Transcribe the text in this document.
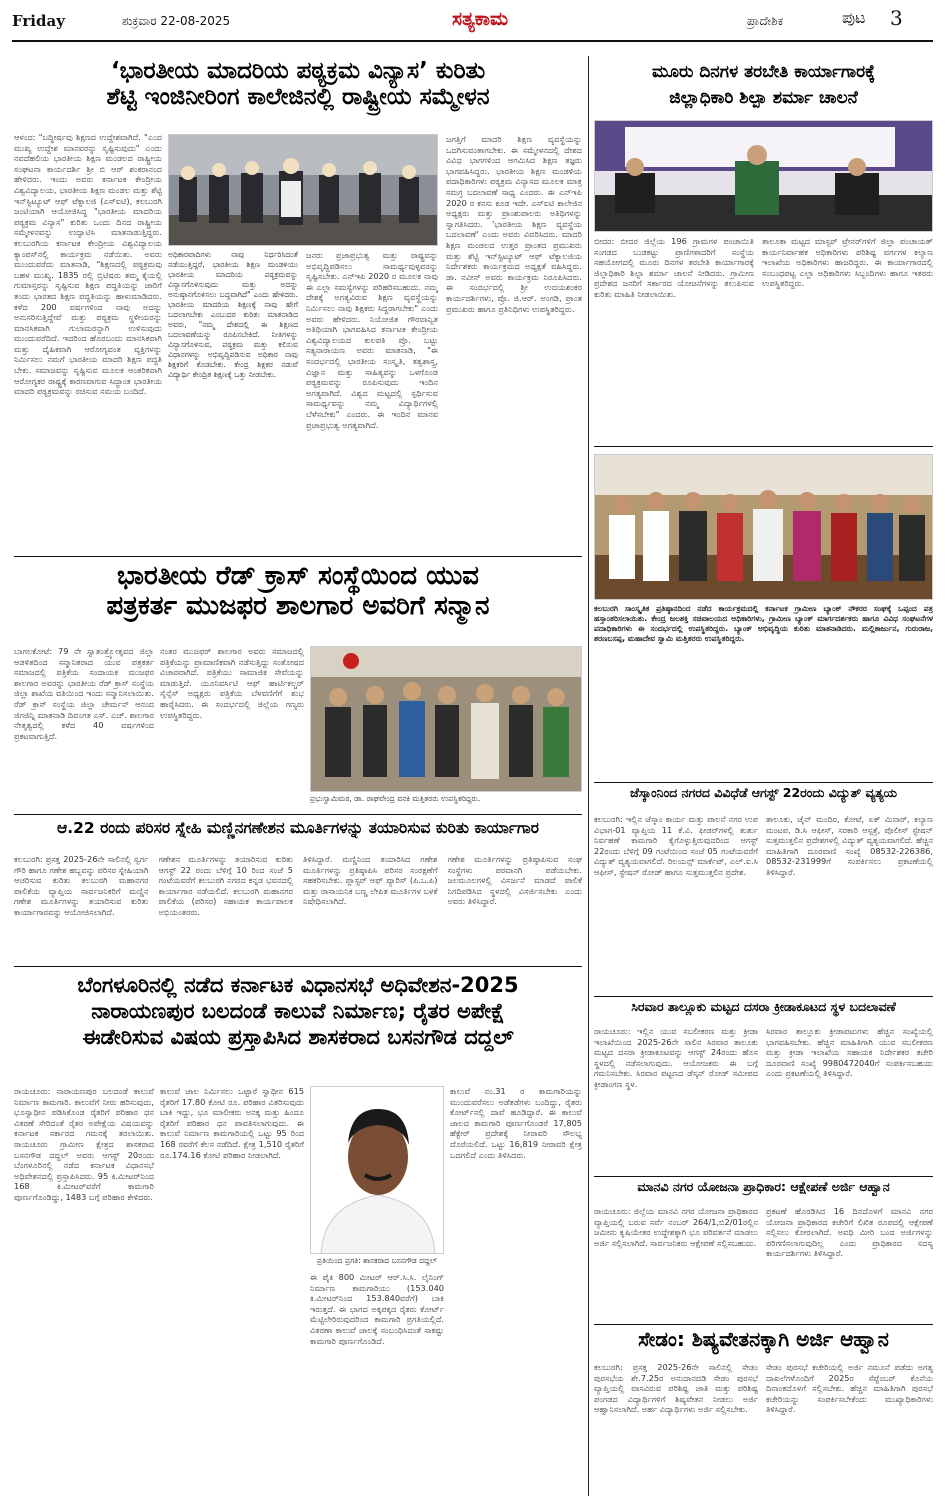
Friday	ಶುಕ್ರವಾರ 22-08-2025	ಸತ್ಯಕಾಮ	ಪ್ರಾದೇಶಿಕ	ಪುಟ 3
‘ಭಾರತೀಯ ಮಾದರಿಯ ಪಠ್ಯಕ್ರಮ ವಿನ್ಯಾಸ’ ಕುರಿತು
ಶೆಟ್ಟಿ ಇಂಜಿನೀರಿಂಗ ಕಾಲೇಜಿನಲ್ಲಿ ರಾಷ್ಟ್ರೀಯ ಸಮ್ಮೇಳನ
ಆಳಂದ: "ಬದ್ಧೀರ್ಷವು ಶಿಕ್ಷಣದ ಉದ್ದೇಶವಾಗಿದೆ. "ಎಂದ ಮುಖ್ಯ ಉದ್ದೇಶ ಮಾನವರನ್ನು ಸೃಷ್ಟಿಸುವುದು" ಎಂದು ನವದೆಹಲಿಯ ಭಾರತೀಯ ಶಿಕ್ಷಣ ಮಂಡಲದ ರಾಷ್ಟ್ರೀಯ ಸಂಘಟನಾ ಕಾರ್ಯದರ್ಶಿ ಶ್ರೀ ಬಿ ಆರ್ ಶಂಕರಾನಂದ ಹೇಳಿದರು. ಇಂದು ಅವರು ಕರ್ನಾಟಕ ಕೇಂದ್ರೀಯ ವಿಶ್ವವಿದ್ಯಾಲಯ, ಭಾರತೀಯ ಶಿಕ್ಷಣ ಮಂಡಲ ಮತ್ತು ಶೆಟ್ಟಿ ಇನ್‌ಸ್ಟಿಟ್ಯೂಟ್ ಆಫ್ ಟೆಕ್ನಾಲಜಿ (ಎಸ್‌ಐಟಿ), ಕಲಬುರಗಿ ಜಂಟಿಯಾಗಿ ಆಯೋಜಿಸಿದ್ದ "ಭಾರತೀಯ ಮಾದರಿಯ ಪಠ್ಯಕ್ರಮ ವಿನ್ಯಾಸ" ಕುರಿತು ಒಂದು ದಿನದ ರಾಷ್ಟ್ರೀಯ ಸಮ್ಮೇಳನವನ್ನು ಉದ್ಘಾಟಿಸಿ ಮಾತನಾಡುತ್ತಿದ್ದರು. ಕಲಬುರಗಿಯ ಕರ್ನಾಟಕ ಕೇಂದ್ರೀಯ ವಿಶ್ವವಿದ್ಯಾಲಯ ಕ್ಯಾಂಪಸ್‌ನಲ್ಲಿ ಕಾರ್ಯಕ್ರಮ ನಡೆಯಿತು. ಅವರು ಮುಂದುವರೆದು ಮಾತನಾಡಿ, "ಶಿಕ್ಷಣದಲ್ಲಿ ಪಠ್ಯಕ್ರಮವು ಬಹಳ ಮುಖ್ಯ. 1835 ರಲ್ಲಿ ಬ್ರಿಟಿಷರು ತಮ್ಮ ಕೈಯಲ್ಲಿ ಗುಮಾಸ್ತರನ್ನು ಸೃಷ್ಟಿಸುವ ಶಿಕ್ಷಣ ಪದ್ಧತಿಯನ್ನು ಜಾರಿಗೆ ತಂದು ಭಾರತದ ಶಿಕ್ಷಣ ಪದ್ಧತಿಯನ್ನು ಹಾಳುಮಾಡಿದರು. ಕಳೆದ 200 ವರ್ಷಗಳಿಂದ ನಾವು ಅದನ್ನು ಅನುಸರಿಸುತ್ತಿದ್ದೇವೆ ಮತ್ತು ಪಠ್ಯಕ್ರಮ ಸ್ಥಳೀಯರನ್ನು ಮಾನಸಿಕವಾಗಿ ಗುಲಾಮರನ್ನಾಗಿ ಉಳಿಸುವುದು ಮುಂದುವರೆದಿದೆ. ಇದರಿಂದ ಹೊರಬಂದು ಮಾನಸಿಕವಾಗಿ ಮತ್ತು ದೈಹಿಕವಾಗಿ ಆರೋಗ್ಯವಂತ ವ್ಯಕ್ತಿಗಳನ್ನು ನಿರ್ಮಿಸಲು ನಮಗೆ ಭಾರತೀಯ ಮಾದರಿ ಶಿಕ್ಷಣ ಪದ್ಧತಿ ಬೇಕು. ಸಮಾಜವನ್ನು ಸೃಷ್ಟಿಸುವ ಮೂಲಕ ಆಂತರಿಕವಾಗಿ ಆರೋಗ್ಯಕರ ರಾಷ್ಟ್ರಕ್ಕೆ ಕಾರಣವಾಗುವ ಸಿದ್ಧಾಂತ ಭಾರತೀಯ ಮಾದರಿ ಪಠ್ಯಕ್ರಮವನ್ನು ರಚಿಸುವ ಸಮಯ ಬಂದಿದೆ.
ಅಧಿಕಾರವಾದಿಗಳು ನಾವು ನಿರ್ಧರಿಸಿದಂತೆ ನಡೆಯುತ್ತಿದ್ದರೆ, ಭಾರತೀಯ ಶಿಕ್ಷಣ ಮಂಡಳಿಯು ಭಾರತೀಯ ಮಾದರಿಯ ಪಠ್ಯಕ್ರಮವನ್ನು ವಿನ್ಯಾಸಗೊಳಿಸುವುದು ಮತ್ತು ಅದನ್ನು ಅನುಷ್ಠಾನಗೊಳಿಸಲು ಬದ್ಧವಾಗಿದೆ" ಎಂದು ಹೇಳಿದರು. ಭಾರತೀಯ ಮಾದರಿಯ ಶಿಕ್ಷಣಕ್ಕೆ ನಾವು ಹೇಗೆ ಬದಲಾಗಬೇಕು ಎಂಬುದರ ಕುರಿತು ಮಾತನಾಡಿದ ಅವರು, "ನಮ್ಮ ದೇಶದಲ್ಲಿ ಈ ಶಿಕ್ಷಣದ ಬದಲಾವಣೆಯನ್ನು ರೂಪಿಸಬೇಕಿದೆ. ನೀತಿಗಳನ್ನು ವಿನ್ಯಾಸಗೊಳಿಸುವ, ಪಠ್ಯಕ್ರಮ ಮತ್ತು ಕಲಿಸುವ ವಿಧಾನಗಳನ್ನು ಅಭಿವೃದ್ಧಿಪಡಿಸುವ ಅಧಿಕಾರ ನಾವು ಶಿಕ್ಷಕರಿಗೆ ಕೊಡಬೇಕು. ಕೇಂದ್ರ ಶಿಕ್ಷಕರ ನಡುವೆ ವಿದ್ಯಾರ್ಥಿ ಕೇಂದ್ರಿತ ಶಿಕ್ಷಣಕ್ಕೆ ಒತ್ತು ನೀಡಬೇಕು.
ಜನರು ಪ್ರಜಾಪ್ರಭುತ್ವ ಮತ್ತು ರಾಷ್ಟ್ರವನ್ನು ಅಭಿವೃದ್ಧಿಪಡಿಸಲು ಸಾಮರ್ಥ್ಯವುಳ್ಳವರನ್ನು ಸೃಷ್ಟಿಸಬೇಕು. ಎನ್‌ಇಪಿ 2020 ರ ಮೂಲಕ ನಾವು ಈ ಎಲ್ಲಾ ಸಮಸ್ಯೆಗಳನ್ನು ಪರಿಹರಿಸಬಹುದು. ನಮ್ಮ ದೇಶಕ್ಕೆ ಅಗತ್ಯವಿರುವ ಶಿಕ್ಷಣ ವ್ಯವಸ್ಥೆಯನ್ನು ನಿರ್ಮಿಸಲು ನಾವು ಶಿಕ್ಷಕರು ಸಿದ್ಧರಾಗಬೇಕು" ಎಂದು ಅವರು ಹೇಳಿದರು. ನಿಯೋಜಿತ ಗೌರವಾನ್ವಿತ ಅತಿಥಿಯಾಗಿ ಭಾಗವಹಿಸಿದ ಕರ್ನಾಟಕ ಕೇಂದ್ರೀಯ ವಿಶ್ವವಿದ್ಯಾಲಯದ ಕುಲಪತಿ ಪ್ರೊ. ಬಟ್ಟು ಸತ್ಯನಾರಾಯಣ ಅವರು ಮಾತನಾಡಿ, "ಈ ಸಂದರ್ಭದಲ್ಲಿ ಭಾರತೀಯ ಸಂಸ್ಕೃತಿ, ತತ್ವಶಾಸ್ತ್ರ, ವಿಜ್ಞಾನ ಮತ್ತು ಸಾಹಿತ್ಯವನ್ನು ಒಳಗೊಂಡ ಪಠ್ಯಕ್ರಮವನ್ನು ರೂಪಿಸುವುದು ಇಂದಿನ ಅಗತ್ಯವಾಗಿದೆ. ವಿಶ್ವದ ಮಟ್ಟದಲ್ಲಿ ಸ್ಪರ್ಧಿಸುವ ಸಾಮರ್ಥ್ಯವನ್ನು ನಮ್ಮ ವಿದ್ಯಾರ್ಥಿಗಳಲ್ಲಿ ಬೆಳೆಸಬೇಕು" ಎಂದರು. ಈ ಇಂದಿನ ಮಾನವ ಪ್ರಜಾಪ್ರಭುತ್ವ ಅಗತ್ಯವಾಗಿದೆ.
ಜಗತ್ತಿಗೆ ಮಾದರಿ ಶಿಕ್ಷಣ ವ್ಯವಸ್ಥೆಯನ್ನು ಒದಗಿಸುವಂತಾಗಬೇಕು. ಈ ಸಮ್ಮೇಳನದಲ್ಲಿ ದೇಶದ ವಿವಿಧ ಭಾಗಗಳಿಂದ ಆಗಮಿಸಿದ ಶಿಕ್ಷಣ ತಜ್ಞರು ಭಾಗವಹಿಸಿದ್ದರು. ಭಾರತೀಯ ಶಿಕ್ಷಣ ಮಂಡಳಿಯ ಪದಾಧಿಕಾರಿಗಳು ಪಠ್ಯಕ್ರಮ ವಿನ್ಯಾಸದ ಮೂಲಕ ಮಾತ್ರ ಸಮಗ್ರ ಬದಲಾವಣೆ ಸಾಧ್ಯ ಎಂದರು. ಈ ಎನ್‌ಇಪಿ 2020 ರ ಕನಸು ಕೂಡ ಇದೇ. ಎಸ್‌ಐಟಿ ಕಾಲೇಜಿನ ಅಧ್ಯಕ್ಷರು ಮತ್ತು ಪ್ರಾಂಶುಪಾಲರು ಅತಿಥಿಗಳನ್ನು ಸ್ವಾಗತಿಸಿದರು. 'ಭಾರತೀಯ ಶಿಕ್ಷಣ ವ್ಯವಸ್ಥೆಯ ಬದಲಾವಣೆ' ಎಂದು ಅವರು ವಿವರಿಸಿದರು. ಮಾದರಿ ಶಿಕ್ಷಣ ಮಂಡಲದ ಉತ್ತರ ಪ್ರಾಂತದ ಪ್ರಮುಖರು ಮತ್ತು ಶೆಟ್ಟಿ ಇನ್‌ಸ್ಟಿಟ್ಯೂಟ್ ಆಫ್ ಟೆಕ್ನಾಲಜಿಯ ನಿರ್ದೇಶಕರು ಕಾರ್ಯಕ್ರಮದ ಅಧ್ಯಕ್ಷತೆ ವಹಿಸಿದ್ದರು. ಡಾ. ನವೀನ್ ಅವರು ಕಾರ್ಯಕ್ರಮ ನಿರೂಪಿಸಿದರು. ಈ ಸಂದರ್ಭದಲ್ಲಿ ಶ್ರೀ ಉದಯಶಂಕರ ಕಾರ್ಯದರ್ಶಿಗಳು, ಪ್ರೊ. ಜಿ.ಆರ್. ಅಂಗಡಿ, ಪ್ರಾಂತ ಪ್ರಮುಖರು ಹಾಗೂ ಪ್ರತಿನಿಧಿಗಳು ಉಪಸ್ಥಿತರಿದ್ದರು.
ಭಾರತೀಯ ರೆಡ್ ಕ್ರಾಸ್ ಸಂಸ್ಥೆಯಿಂದ ಯುವ
ಪತ್ರಕರ್ತ ಮುಜಫರ ಶಾಲಗಾರ ಅವರಿಗೆ ಸನ್ಮಾನ
ಬಾಗಲಕೋಟೆ: 79 ನೇ ಸ್ವಾತಂತ್ರ್ಯೋತ್ಸವದ ಜಿಲ್ಲಾ ಆಡಳಿತದಿಂದ ಸನ್ಮಾನಿತರಾದ ಯುವ ಪತ್ರಕರ್ತ ಸಮಾಜದಲ್ಲಿ ಪತ್ರಿಕೆಯ ಸಂದಾಯಕ ಮುಜಫರ ಶಾಲಗಾರ ಅವರನ್ನು ಭಾರತೀಯ ರೆಡ್ ಕ್ರಾಸ್ ಸಂಸ್ಥೆಯ ಜಿಲ್ಲಾ ಶಾಖೆಯ ವತಿಯಿಂದ ಇಂದು ಸನ್ಮಾನಿಸಲಾಯಿತು. ರೆಡ್ ಕ್ರಾಸ್ ಸಂಸ್ಥೆಯ ಜಿಲ್ಲಾ ಚೇರ್ಮನ್ ಆನಂದ ಜಿಗಜಿನ್ನಿ ಮಾತನಾಡಿ ದಿವಂಗತ ಎಸ್. ಎಚ್. ಶಾಲಗಾರ ನೇತೃತ್ವದಲ್ಲಿ ಕಳೆದ 40 ವರ್ಷಗಳಿಂದ ಪ್ರಕಟವಾಗುತ್ತಿದೆ.
ನಂತರ ಮುಜಫರ್ ಶಾಲಗಾರ ಅವರು ಸಮಾಜದಲ್ಲಿ ಪತ್ರಿಕೆಯನ್ನು ಪ್ರಾಮಾಣಿಕವಾಗಿ ನಡೆಸುತ್ತಿದ್ದು ಸಂತೋಷದ ವಿಚಾರವಾಗಿದೆ. ಪತ್ರಿಕೆಯು ಸಾಮಾಜಿಕ ಸೇವೆಯನ್ನು ಮಾಡುತ್ತಿದೆ. ಯೂನಿವರ್ಸಿಟಿ ಆಫ್ ಹಾರ್ಟಿಕಲ್ಚರ್ ಸೈನ್ಸೆಸ್ ಅಧ್ಯಕ್ಷರು ಪತ್ರಿಕೆಯ ಬೆಳವಣಿಗೆಗೆ ಶುಭ ಹಾರೈಸಿದರು. ಈ ಸಂದರ್ಭದಲ್ಲಿ ಜಿಲ್ಲೆಯ ಗಣ್ಯರು ಉಪಸ್ಥಿತರಿದ್ದರು.
ಪ್ರಭುಸ್ವಾಮಿಮಠ, ಡಾ. ರಾಘವೇಂದ್ರ ವನಕಿ ಮತ್ತಿತರರು ಉಪಸ್ಥಿತರಿದ್ದರು.
ಆ.22 ರಂದು ಪರಿಸರ ಸ್ನೇಹಿ ಮಣ್ಣಿನಗಣೇಶನ ಮೂರ್ತಿಗಳನ್ನು ತಯಾರಿಸುವ ಕುರಿತು ಕಾರ್ಯಾಗಾರ
ಕಲಬುರಗಿ: ಪ್ರಸಕ್ತ 2025-26ನೇ ಸಾಲಿನಲ್ಲಿ ಸ್ವರ್ಗ ಗೌರಿ ಹಾಗೂ ಗಣೇಶ ಹಬ್ಬವನ್ನು ಪರಿಸರ ಸ್ನೇಹಿಯಾಗಿ ಆಚರಿಸುವ ಕುರಿತು ಕಲಬುರಗಿ ಮಹಾನಗರ ಪಾಲಿಕೆಯ ವ್ಯಾಪ್ತಿಯ ಸಾರ್ವಜನಿಕರಿಗೆ ಮಣ್ಣಿನ ಗಣೇಶ ಮೂರ್ತಿಗಳನ್ನು ತಯಾರಿಸುವ ಕುರಿತು ಕಾರ್ಯಾಗಾರವನ್ನು ಆಯೋಜಿಸಲಾಗಿದೆ.
ಗಣೇಶನ ಮೂರ್ತಿಗಳನ್ನು ತಯಾರಿಸುವ ಕುರಿತು ಆಗಸ್ಟ್ 22 ರಂದು ಬೆಳಿಗ್ಗೆ 10 ರಿಂದ ಸಂಜೆ 5 ಗಂಟೆಯವರೆಗೆ ಕಲಬುರಗಿ ನಗರದ ಕನ್ನಡ ಭವನದಲ್ಲಿ ಕಾರ್ಯಾಗಾರ ನಡೆಯಲಿದೆ. ಕಲಬುರಗಿ ಮಹಾನಗರ ಪಾಲಿಕೆಯ (ಪರಿಸರ) ಸಹಾಯಕ ಕಾರ್ಯಪಾಲಕ ಅಭಿಯಂತರರು.
ತಿಳಿಸಿದ್ದಾರೆ. ಮಣ್ಣಿನಿಂದ ತಯಾರಿಸಿದ ಗಣೇಶ ಮೂರ್ತಿಗಳನ್ನು ಪ್ರತಿಷ್ಠಾಪಿಸಿ ಪರಿಸರ ಸಂರಕ್ಷಣೆಗೆ ಸಹಕರಿಸಬೇಕು. ಪ್ಲಾಸ್ಟರ್ ಆಫ್ ಪ್ಯಾರಿಸ್ (ಪಿ.ಒ.ಪಿ) ಮತ್ತು ರಾಸಾಯನಿಕ ಬಣ್ಣ ಲೇಪಿತ ಮೂರ್ತಿಗಳ ಬಳಕೆ ನಿಷೇಧಿಸಲಾಗಿದೆ.
ಗಣೇಶ ಮೂರ್ತಿಗಳನ್ನು ಪ್ರತಿಷ್ಠಾಪಿಸುವ ಸಂಘ ಸಂಸ್ಥೆಗಳು ಪರವಾನಗಿ ಪಡೆಯಬೇಕು. ಜಲಮೂಲಗಳಲ್ಲಿ ವಿಸರ್ಜನೆ ಮಾಡದೆ ಪಾಲಿಕೆ ನಿಗದಿಪಡಿಸಿದ ಸ್ಥಳದಲ್ಲಿ ವಿಸರ್ಜಿಸಬೇಕು ಎಂದು ಅವರು ತಿಳಿಸಿದ್ದಾರೆ.
ಬೆಂಗಳೂರಿನಲ್ಲಿ ನಡೆದ ಕರ್ನಾಟಕ ವಿಧಾನಸಭೆ ಅಧಿವೇಶನ-2025
ನಾರಾಯಣಪುರ ಬಲದಂಡೆ ಕಾಲುವೆ ನಿರ್ಮಾಣ; ರೈತರ ಅಪೇಕ್ಷೆ
ಈಡೇರಿಸುವ ವಿಷಯ ಪ್ರಸ್ತಾಪಿಸಿದ ಶಾಸಕರಾದ ಬಸನಗೌಡ ದದ್ದಲ್
ರಾಯಚೂರು: ನಾರಾಯಣಪುರ ಬಲದಂಡೆ ಕಾಲುವೆ ನಿರ್ಮಾಣ ಕಾಮಗಾರಿ. ಕಾಲುವೆಗೆ ನೀರು ಹರಿಸುವುದು, ಭೂಸ್ವಾಧೀನ ಪಡಿಸಿಕೊಂಡ ರೈತರಿಗೆ ಪರಿಹಾರ ಧನ ವಿತರಣೆ ಸೇರಿದಂತೆ ರೈತರ ಅಪೇಕ್ಷೆಯ ವಿಷಯವನ್ನು ಕರ್ನಾಟಕ ಸರ್ಕಾರದ ಗಮನಕ್ಕೆ ತರಲಾಯಿತು. ರಾಯಚೂರು ಗ್ರಾಮೀಣ ಕ್ಷೇತ್ರದ ಶಾಸಕರಾದ ಬಸನಗೌಡ ದದ್ದಲ್ ಅವರು ಆಗಸ್ಟ್ 20ರಂದು ಬೆಂಗಳೂರಿನಲ್ಲಿ ನಡೆದ ಕರ್ನಾಟಕ ವಿಧಾನಸಭೆ ಅಧಿವೇಶನದಲ್ಲಿ ಪ್ರಸ್ತಾಪಿಸಿದರು. 95 ಕಿ.ಮೀಟರ್‌ನಿಂದ 168 ಕಿ.ಮೀಟರ್‌ವರೆಗೆ ಕಾಮಗಾರಿ ಪೂರ್ಣಗೊಂಡಿದ್ದು, 1483 ಬಗ್ಗೆ ಪರಿಹಾರ ಕೇಳಿದರು.
ಕಾಲುವೆ ಜಾಲ ನಿರ್ಮಿಸಲು ಒಟ್ಟಾರೆ ಸ್ವಾಧೀನ 615 ರೈತರಿಗೆ 17.80 ಕೋಟಿ ರೂ. ಪರಿಹಾರ ವಿತರಿಸುವುದು ಬಾಕಿ ಇದ್ದು, ಭೂ ಮಾಲೀಕರು ಅನಕ್ಕ ಮತ್ತು ಹಿಂದೂ ರೈತರಿಗೆ ಪರಿಹಾರ ಧನ ಪಾವತಿಸಲಾಗುವುದು. ಈ ಕಾಲುವೆ ನಿರ್ಮಾಣ ಕಾಮಗಾರಿಯಲ್ಲಿ ಒಟ್ಟು 95 ರಿಂದ 168 ರವರೆಗೆ ಕೆಲಸ ನಡೆದಿದೆ. ಕ್ಷೇತ್ರ 1,510 ರೈತರಿಗೆ ರೂ.174.16 ಕೋಟಿ ಪರಿಹಾರ ನೀಡಲಾಗಿದೆ.
ಪ್ರತಿಯಿಂದ ಪ್ರಗತಿ: ಶಾಸಕರಾದ ಬಸನಗೌಡ ದದ್ದಲ್
ಈ ಪೈಕಿ 800 ಮೀಟರ್ ಆರ್.ಸಿ.ಸಿ. ಲೈನಿಂಗ್ ನಿರ್ಮಾಣ ಕಾಮಗಾರಿಯು (153.040 ಕಿ.ಮೀಟರ್‌ನಿಂದ 153.840ವರೆಗೆ) ಬಾಕಿ ಇರುತ್ತದೆ. ಈ ಭಾಗದ ಅಕ್ಕಪಕ್ಕದ ರೈತರು ಕೋರ್ಟ್ ಮೆಟ್ಟಿಲೇರಿರುವುದರಿಂದ ಕಾಮಗಾರಿ ಪ್ರಗತಿಯಲ್ಲಿದೆ. ವಿತರಣಾ ಕಾಲುವೆ ಜಾಲಕ್ಕೆ ಸಂಬಂಧಿಸಿದಂತೆ ಸಾಕಷ್ಟು ಕಾಮಗಾರಿ ಪೂರ್ಣಗೊಂಡಿದೆ.
ಕಾಲುವೆ ನಂ.31 ರ ಕಾಮಗಾರಿಯನ್ನು ಮುಂದುವರೆಸಲು ಅಡೆತಡೆಗಳು ಬಂದಿದ್ದು, ರೈತರು ಕೋರ್ಟ್‌ನಲ್ಲಿ ದಾವೆ ಹೂಡಿದ್ದಾರೆ. ಈ ಕಾಲುವೆ ಜಾಲದ ಕಾಮಗಾರಿ ಪೂರ್ಣಗೊಂಡರೆ 17,805 ಹೆಕ್ಟೇರ್ ಪ್ರದೇಶಕ್ಕೆ ನೀರಾವರಿ ಸೌಲಭ್ಯ ದೊರೆಯಲಿದೆ. ಒಟ್ಟು 16,819 ನೀರಾವರಿ ಕ್ಷೇತ್ರ ಒದಗಲಿದೆ ಎಂದು ತಿಳಿಸಿದರು.
ಮೂರು ದಿನಗಳ ತರಬೇತಿ ಕಾರ್ಯಾಗಾರಕ್ಕೆ
ಜಿಲ್ಲಾಧಿಕಾರಿ ಶಿಲ್ಪಾ ಶರ್ಮಾ ಚಾಲನೆ
ಬೀದರ: ಬೀದರ ಜಿಲ್ಲೆಯ 196 ಗ್ರಾಮಗಳ ಪಂಚಾಯಿತಿ ಸಂಗಡದ ಬುಡಕಟ್ಟು ಪ್ರಾಣಿಗಳಾದರಿಗೆ ಸಂಸ್ಥೆಯ ಸಹಯೋಗದಲ್ಲಿ ಮೂರು ದಿನಗಳ ತರಬೇತಿ ಕಾರ್ಯಾಗಾರಕ್ಕೆ ಜಿಲ್ಲಾಧಿಕಾರಿ ಶಿಲ್ಪಾ ಶರ್ಮಾ ಚಾಲನೆ ನೀಡಿದರು. ಗ್ರಾಮೀಣ ಪ್ರದೇಶದ ಜನರಿಗೆ ಸರ್ಕಾರದ ಯೋಜನೆಗಳನ್ನು ತಲುಪಿಸುವ ಕುರಿತು ಮಾಹಿತಿ ನೀಡಲಾಯಿತು.
ತಾಲೂಕಾ ಮಟ್ಟದ ಮಾಸ್ಟರ್ ಟ್ರೇನರ್‌ಗಳಿಗೆ ಜಿಲ್ಲಾ ಪಂಚಾಯತ್ ಕಾರ್ಯನಿರ್ವಾಹಕ ಅಧಿಕಾರಿಗಳು ಪರಿಶಿಷ್ಟ ವರ್ಗಗಳ ಕಲ್ಯಾಣ ಇಲಾಖೆಯ ಅಧಿಕಾರಿಗಳು ಹಾಜರಿದ್ದರು. ಈ ಕಾರ್ಯಾಗಾರದಲ್ಲಿ ಸಂಬಂಧಪಟ್ಟ ಎಲ್ಲಾ ಅಧಿಕಾರಿಗಳು ಸಿಬ್ಬಂದಿಗಳು ಹಾಗೂ ಇತರರು ಉಪಸ್ಥಿತರಿದ್ದರು.
ಕಲಬುರಗಿ ಸಾಂಸ್ಕೃತಿಕ ಪ್ರತಿಷ್ಠಾನದಿಂದ ನಡೆದ ಕಾರ್ಯಕ್ರಮದಲ್ಲಿ ಕರ್ನಾಟಕ ಗ್ರಾಮೀಣ ಬ್ಯಾಂಕ್ ನೌಕರರ ಸಂಘಕ್ಕೆ ಒಪ್ಪಂದ ಪತ್ರ ಹಸ್ತಾಂತರಿಸಲಾಯಿತು. ಕೇಂದ್ರ ಜಲಶಕ್ತಿ ಸಚಿವಾಲಯದ ಅಧಿಕಾರಿಗಳು, ಗ್ರಾಮೀಣ ಬ್ಯಾಂಕ್ ಮಾರ್ಗದರ್ಶಕರು ಹಾಗೂ ವಿವಿಧ ಸಂಘಟನೆಗಳ ಪದಾಧಿಕಾರಿಗಳು ಈ ಸಂದರ್ಭದಲ್ಲಿ ಉಪಸ್ಥಿತರಿದ್ದರು. ಬ್ಯಾಂಕ್ ಅಭಿವೃದ್ಧಿಯ ಕುರಿತು ಮಾತನಾಡಿದರು. ಮಲ್ಲಿಕಾರ್ಜುನ, ಗುರುರಾಜ, ಶರಣಬಸಪ್ಪ, ಮಹಾದೇವ ಸ್ವಾಮಿ ಮತ್ತಿತರರು ಉಪಸ್ಥಿತರಿದ್ದರು.
ಜೆಸ್ಕಾಂನಿಂದ ನಗರದ ವಿವಿಧೆಡೆ ಆಗಸ್ಟ್ 22ರಂದು ವಿದ್ಯುತ್ ವ್ಯತ್ಯಯ
ಕಲಬುರಗಿ: ಇಲ್ಲಿನ ಜೆಸ್ಕಾಂ ಕಾರ್ಯ ಮತ್ತು ಪಾಲನೆ ನಗರ ಉಪ ವಿಭಾಗ-01 ವ್ಯಾಪ್ತಿಯ 11 ಕೆ.ವಿ. ಫೀಡರ್‌ಗಳಲ್ಲಿ ತುರ್ತು ನಿರ್ವಹಣೆ ಕಾಮಗಾರಿ ಕೈಗೊಳ್ಳುತ್ತಿರುವುದರಿಂದ ಆಗಸ್ಟ್ 22ರಂದು ಬೆಳಿಗ್ಗೆ 09 ಗಂಟೆಯಿಂದ ಸಂಜೆ 05 ಗಂಟೆಯವರೆಗೆ ವಿದ್ಯುತ್ ವ್ಯತ್ಯಯವಾಗಲಿದೆ. ರಿಲಯನ್ಸ್ ಮಾರ್ಕೆಟ್, ಎಲ್.ಐ.ಸಿ ಆಫೀಸ್, ಸ್ಟೇಷನ್ ರೋಡ್ ಹಾಗೂ ಸುತ್ತಮುತ್ತಲಿನ ಪ್ರದೇಶ.
ತಾಲೂಕು, ಜೈನ್ ಮಂದಿರ, ಕೋಟೆ, ಏಕ್ ಮಿನಾರ್, ಕಲ್ಯಾಣ ಮಂಟಪ, ಡಿ.ಸಿ ಆಫೀಸ್, ಸರಕಾರಿ ಆಸ್ಪತ್ರೆ, ಪೊಲೀಸ್ ಸ್ಟೇಷನ್ ಸುತ್ತಮುತ್ತಲಿನ ಪ್ರದೇಶಗಳಲ್ಲಿ ವಿದ್ಯುತ್ ವ್ಯತ್ಯಯವಾಗಲಿದೆ. ಹೆಚ್ಚಿನ ಮಾಹಿತಿಗಾಗಿ ದೂರವಾಣಿ ಸಂಖ್ಯೆ 08532-226386, 08532-231999ಗೆ ಸಂಪರ್ಕಿಸಲು ಪ್ರಕಟಣೆಯಲ್ಲಿ ತಿಳಿಸಿದ್ದಾರೆ.
ಸಿರವಾರ ತಾಲ್ಲೂಕು ಮಟ್ಟದ ದಸರಾ ಕ್ರೀಡಾಕೂಟದ ಸ್ಥಳ ಬದಲಾವಣೆ
ರಾಯಚೂರು: ಇಲ್ಲಿನ ಯುವ ಸಬಲೀಕರಣ ಮತ್ತು ಕ್ರೀಡಾ ಇಲಾಖೆಯಿಂದ 2025-26ನೇ ಸಾಲಿನ ಸಿರವಾರ ತಾಲೂಕು ಮಟ್ಟದ ದಸರಾ ಕ್ರೀಡಾಕೂಟವನ್ನು ಆಗಸ್ಟ್ 24ರಂದು ಹೊಸ ಸ್ಥಳದಲ್ಲಿ ನಡೆಸಲಾಗುವುದು. ಆಯೋಜಕರು ಈ ಬಗ್ಗೆ ಗಮನಿಸಬೇಕು. ಸಿರವಾರ ಪಟ್ಟಣದ ಡೆಸ್ಕನ್ ರೋಡ್ ಸಮೀಪದ ಕ್ರೀಡಾಂಗಣ ಸ್ಥಳ.
ಸಿರವಾರ ತಾಲ್ಲೂಕು ಕ್ರೀಡಾಪಟುಗಳು ಹೆಚ್ಚಿನ ಸಂಖ್ಯೆಯಲ್ಲಿ ಭಾಗವಹಿಸಬೇಕು. ಹೆಚ್ಚಿನ ಮಾಹಿತಿಗಾಗಿ ಯುವ ಸಬಲೀಕರಣ ಮತ್ತು ಕ್ರೀಡಾ ಇಲಾಖೆಯ ಸಹಾಯಕ ನಿರ್ದೇಶಕರ ಕಚೇರಿ ದೂರವಾಣಿ ಸಂಖ್ಯೆ 9980472040ಗೆ ಸಂಪರ್ಕಿಸಬಹುದು ಎಂದು ಪ್ರಕಟಣೆಯಲ್ಲಿ ತಿಳಿಸಿದ್ದಾರೆ.
ಮಾನವಿ ನಗರ ಯೋಜನಾ ಪ್ರಾಧಿಕಾರ: ಆಕ್ಷೇಪಣೆ ಅರ್ಜಿ ಆಹ್ವಾನ
ರಾಯಚೂರು: ಜಿಲ್ಲೆಯ ಮಾನವಿ ನಗರ ಯೋಜನಾ ಪ್ರಾಧಿಕಾರದ ವ್ಯಾಪ್ತಿಯಲ್ಲಿ ಬರುವ ಸರ್ವೆ ನಂಬರ್ 264/1,ಬಿ2/01ರಲ್ಲಿನ ಜಮೀನು ಕೃಷಿಯೇತರ ಉದ್ದೇಶಕ್ಕಾಗಿ ಭೂ ಪರಿವರ್ತನೆ ಮಾಡಲು ಅರ್ಜಿ ಸಲ್ಲಿಸಲಾಗಿದೆ. ಸಾರ್ವಜನಿಕರು ಆಕ್ಷೇಪಣೆ ಸಲ್ಲಿಸಬಹುದು.
ಪ್ರಕಟಣೆ ಹೊರಡಿಸಿದ 16 ದಿನದೊಳಗೆ ಮಾನವಿ ನಗರ ಯೋಜನಾ ಪ್ರಾಧಿಕಾರದ ಕಚೇರಿಗೆ ಲಿಖಿತ ರೂಪದಲ್ಲಿ ಆಕ್ಷೇಪಣೆ ಸಲ್ಲಿಸಲು ಕೋರಲಾಗಿದೆ. ಅವಧಿ ಮೀರಿ ಬಂದ ಅರ್ಜಿಗಳನ್ನು ಪರಿಗಣಿಸಲಾಗುವುದಿಲ್ಲ ಎಂದು ಪ್ರಾಧಿಕಾರದ ಸದಸ್ಯ ಕಾರ್ಯದರ್ಶಿಗಳು ತಿಳಿಸಿದ್ದಾರೆ.
ಸೇಡಂ: ಶಿಷ್ಯವೇತನಕ್ಕಾಗಿ ಅರ್ಜಿ ಆಹ್ವಾನ
ಕಲಬುರಗಿ: ಪ್ರಸಕ್ತ 2025-26ನೇ ಸಾಲಿನಲ್ಲಿ ಸೇಡಂ ಪುರಸಭೆಯ ಶೇ.7.25ರ ಅನುದಾನದಡಿ ಸೇಡಂ ಪುರಸಭೆ ವ್ಯಾಪ್ತಿಯಲ್ಲಿ ವಾಸವಿರುವ ಪರಿಶಿಷ್ಟ ಜಾತಿ ಮತ್ತು ಪರಿಶಿಷ್ಟ ಪಂಗಡದ ವಿದ್ಯಾರ್ಥಿಗಳಿಗೆ ಶಿಷ್ಯವೇತನ ನೀಡಲು ಅರ್ಜಿ ಆಹ್ವಾನಿಸಲಾಗಿದೆ. ಅರ್ಹ ವಿದ್ಯಾರ್ಥಿಗಳು ಅರ್ಜಿ ಸಲ್ಲಿಸಬೇಕು.
ಸೇಡಂ ಪುರಸಭೆ ಕಚೇರಿಯಲ್ಲಿ ಅರ್ಜಿ ನಮೂನೆ ಪಡೆದು ಅಗತ್ಯ ದಾಖಲೆಗಳೊಂದಿಗೆ 2025ರ ಸೆಪ್ಟೆಂಬರ್ ಕೊನೆಯ ದಿನಾಂಕದೊಳಗೆ ಸಲ್ಲಿಸಬೇಕು. ಹೆಚ್ಚಿನ ಮಾಹಿತಿಗಾಗಿ ಪುರಸಭೆ ಕಚೇರಿಯನ್ನು ಸಂಪರ್ಕಿಸಬೇಕೆಂದು ಮುಖ್ಯಾಧಿಕಾರಿಗಳು ತಿಳಿಸಿದ್ದಾರೆ.
